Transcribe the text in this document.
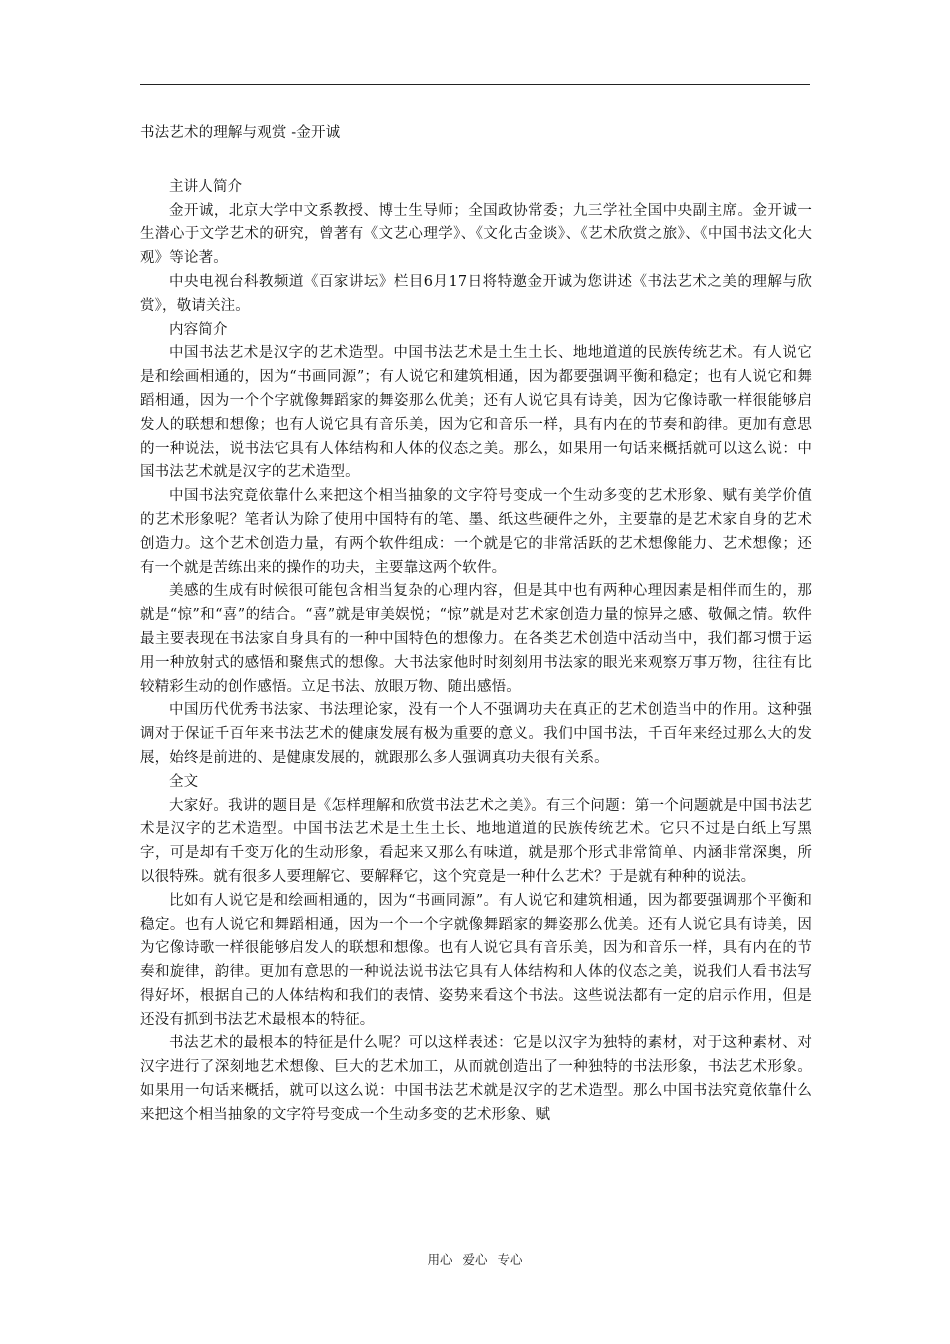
书法艺术的理解与观赏 -金开诚

主讲人简介

金开诚，北京大学中文系教授、博士生导师；全国政协常委；九三学社全国中央副主席。金开诚一生潜心于文学艺术的研究，曾著有《文艺心理学》、《文化古金谈》、《艺术欣赏之旅》、《中国书法文化大观》等论著。

中央电视台科教频道《百家讲坛》栏目6月17日将特邀金开诚为您讲述《书法艺术之美的理解与欣赏》，敬请关注。

内容简介

中国书法艺术是汉字的艺术造型。中国书法艺术是土生土长、地地道道的民族传统艺术。有人说它是和绘画相通的，因为“书画同源”；有人说它和建筑相通，因为都要强调平衡和稳定；也有人说它和舞蹈相通，因为一个个字就像舞蹈家的舞姿那么优美；还有人说它具有诗美，因为它像诗歌一样很能够启发人的联想和想像；也有人说它具有音乐美，因为它和音乐一样，具有内在的节奏和韵律。更加有意思的一种说法，说书法它具有人体结构和人体的仪态之美。那么，如果用一句话来概括就可以这么说：中国书法艺术就是汉字的艺术造型。

中国书法究竟依靠什么来把这个相当抽象的文字符号变成一个生动多变的艺术形象、赋有美学价值的艺术形象呢？笔者认为除了使用中国特有的笔、墨、纸这些硬件之外，主要靠的是艺术家自身的艺术创造力。这个艺术创造力量，有两个软件组成：一个就是它的非常活跃的艺术想像能力、艺术想像；还有一个就是苦练出来的操作的功夫，主要靠这两个软件。

美感的生成有时候很可能包含相当复杂的心理内容，但是其中也有两种心理因素是相伴而生的，那就是“惊”和“喜”的结合。“喜”就是审美娱悦；“惊”就是对艺术家创造力量的惊异之感、敬佩之情。软件最主要表现在书法家自身具有的一种中国特色的想像力。在各类艺术创造中活动当中，我们都习惯于运用一种放射式的感悟和聚焦式的想像。大书法家他时时刻刻用书法家的眼光来观察万事万物，往往有比较精彩生动的创作感悟。立足书法、放眼万物、随出感悟。

中国历代优秀书法家、书法理论家，没有一个人不强调功夫在真正的艺术创造当中的作用。这种强调对于保证千百年来书法艺术的健康发展有极为重要的意义。我们中国书法，千百年来经过那么大的发展，始终是前进的、是健康发展的，就跟那么多人强调真功夫很有关系。

全文

大家好。我讲的题目是《怎样理解和欣赏书法艺术之美》。有三个问题：第一个问题就是中国书法艺术是汉字的艺术造型。中国书法艺术是土生土长、地地道道的民族传统艺术。它只不过是白纸上写黑字，可是却有千变万化的生动形象，看起来又那么有味道，就是那个形式非常简单、内涵非常深奥，所以很特殊。就有很多人要理解它、要解释它，这个究竟是一种什么艺术？于是就有种种的说法。

比如有人说它是和绘画相通的，因为“书画同源”。有人说它和建筑相通，因为都要强调那个平衡和稳定。也有人说它和舞蹈相通，因为一个一个字就像舞蹈家的舞姿那么优美。还有人说它具有诗美，因为它像诗歌一样很能够启发人的联想和想像。也有人说它具有音乐美，因为和音乐一样，具有内在的节奏和旋律，韵律。更加有意思的一种说法说书法它具有人体结构和人体的仪态之美，说我们人看书法写得好坏，根据自己的人体结构和我们的表情、姿势来看这个书法。这些说法都有一定的启示作用，但是还没有抓到书法艺术最根本的特征。

书法艺术的最根本的特征是什么呢？可以这样表述：它是以汉字为独特的素材，对于这种素材、对汉字进行了深刻地艺术想像、巨大的艺术加工，从而就创造出了一种独特的书法形象，书法艺术形象。如果用一句话来概括，就可以这么说：中国书法艺术就是汉字的艺术造型。那么中国书法究竟依靠什么来把这个相当抽象的文字符号变成一个生动多变的艺术形象、赋

用心 爱心 专心
